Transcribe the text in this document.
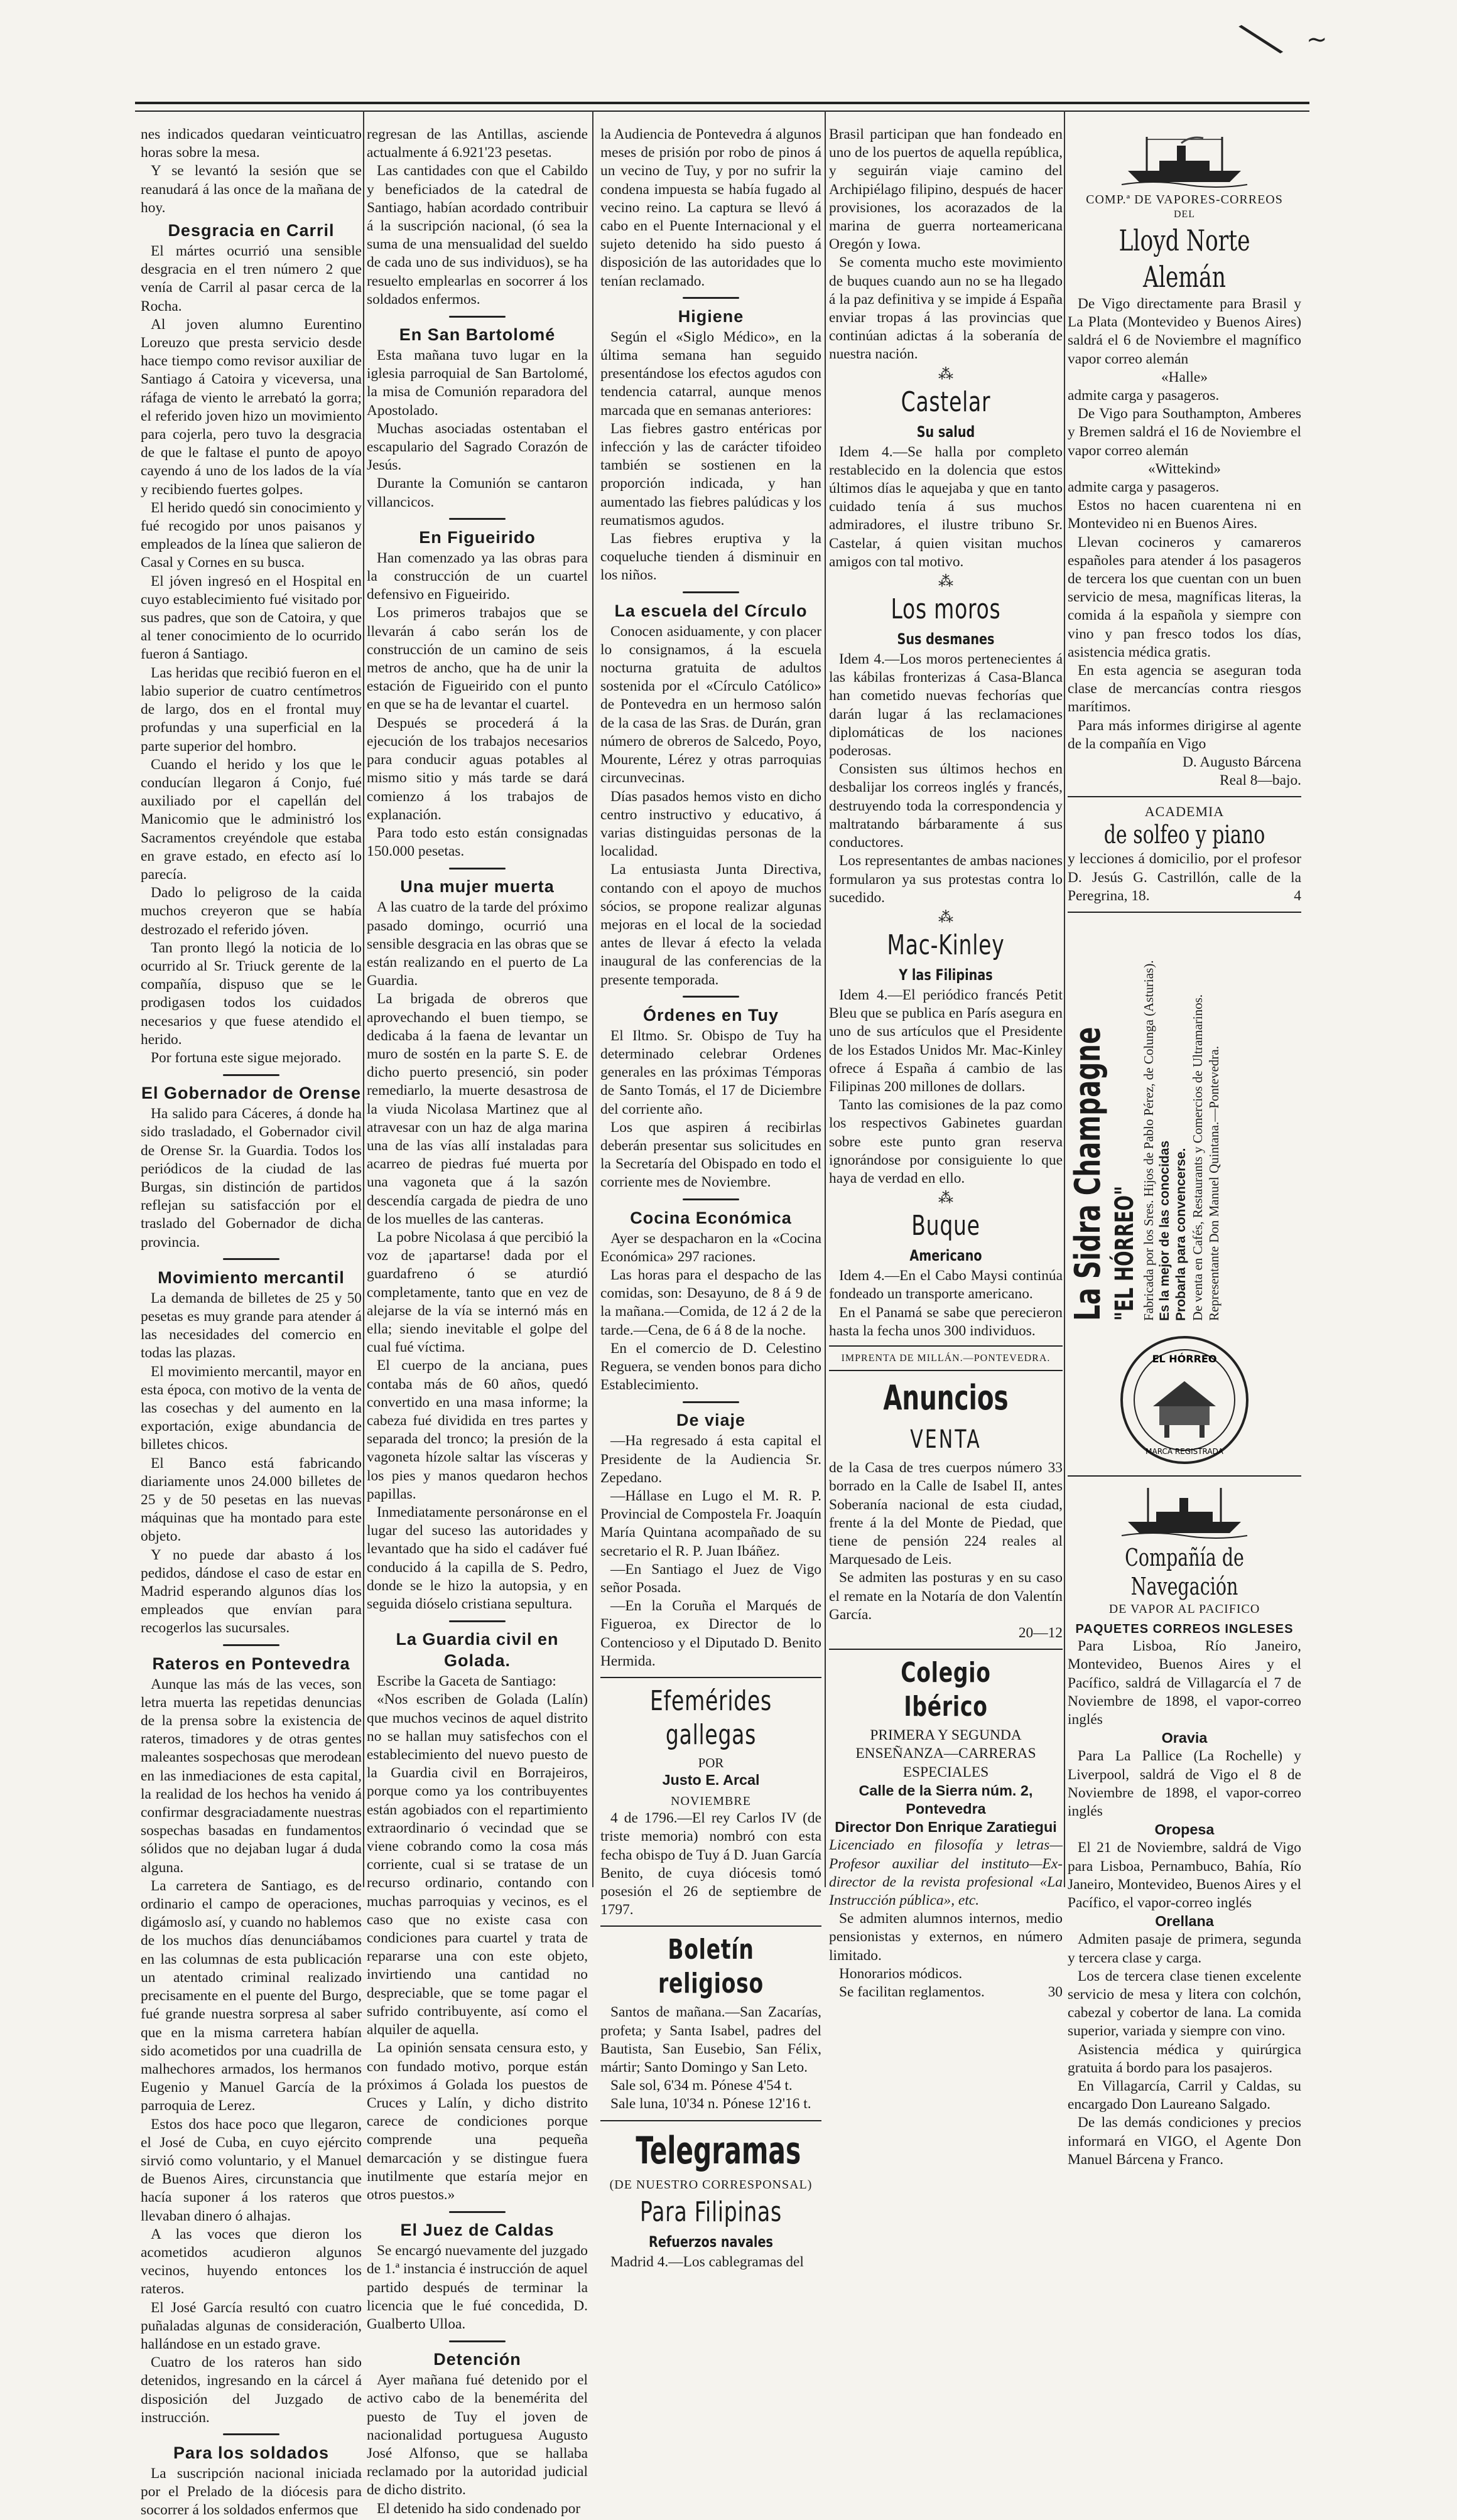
╲ ~

nes indicados quedaran veinticuatro horas sobre la mesa.

Y se levantó la sesión que se reanudará á las once de la mañana de hoy.

Desgracia en Carril

El mártes ocurrió una sensible desgracia en el tren número 2 que venía de Carril al pasar cerca de la Rocha.

Al joven alumno Eurentino Loreuzo que presta servicio desde hace tiempo como revisor auxiliar de Santiago á Catoira y viceversa, una ráfaga de viento le arrebató la gorra; el referido joven hizo un movimiento para cojerla, pero tuvo la desgracia de que le faltase el punto de apoyo cayendo á uno de los lados de la vía y recibiendo fuertes golpes.

El herido quedó sin conocimiento y fué recogido por unos paisanos y empleados de la línea que salieron de Casal y Cornes en su busca.

El jóven ingresó en el Hospital en cuyo establecimiento fué visitado por sus padres, que son de Catoira, y que al tener conocimiento de lo ocurrido fueron á Santiago.

Las heridas que recibió fueron en el labio superior de cuatro centímetros de largo, dos en el frontal muy profundas y una superficial en la parte superior del hombro.

Cuando el herido y los que le conducían llegaron á Conjo, fué auxiliado por el capellán del Manicomio que le administró los Sacramentos creyéndole que estaba en grave estado, en efecto así lo parecía.

Dado lo peligroso de la caida muchos creyeron que se había destrozado el referido jóven.

Tan pronto llegó la noticia de lo ocurrido al Sr. Triuck gerente de la compañía, dispuso que se le prodigasen todos los cuidados necesarios y que fuese atendido el herido.

Por fortuna este sigue mejorado.

El Gobernador de Orense

Ha salido para Cáceres, á donde ha sido trasladado, el Gobernador civil de Orense Sr. la Guardia. Todos los periódicos de la ciudad de las Burgas, sin distinción de partidos reflejan su satisfacción por el traslado del Gobernador de dicha provincia.

Movimiento mercantil

La demanda de billetes de 25 y 50 pesetas es muy grande para atender á las necesidades del comercio en todas las plazas.

El movimiento mercantil, mayor en esta época, con motivo de la venta de las cosechas y del aumento en la exportación, exige abundancia de billetes chicos.

El Banco está fabricando diariamente unos 24.000 billetes de 25 y de 50 pesetas en las nuevas máquinas que ha montado para este objeto.

Y no puede dar abasto á los pedidos, dándose el caso de estar en Madrid esperando algunos días los empleados que envían para recogerlos las sucursales.

Rateros en Pontevedra

Aunque las más de las veces, son letra muerta las repetidas denuncias de la prensa sobre la existencia de rateros, timadores y de otras gentes maleantes sospechosas que merodean en las inmediaciones de esta capital, la realidad de los hechos ha venido á confirmar desgraciadamente nuestras sospechas basadas en fundamentos sólidos que no dejaban lugar á duda alguna.

La carretera de Santiago, es de ordinario el campo de operaciones, digámoslo así, y cuando no hablemos de los muchos días denunciábamos en las columnas de esta publicación un atentado criminal realizado precisamente en el puente del Burgo, fué grande nuestra sorpresa al saber que en la misma carretera habían sido acometidos por una cuadrilla de malhechores armados, los hermanos Eugenio y Manuel García de la parroquia de Lerez.

Estos dos hace poco que llegaron, el José de Cuba, en cuyo ejército sirvió como voluntario, y el Manuel de Buenos Aires, circunstancia que hacía suponer á los rateros que llevaban dinero ó alhajas.

A las voces que dieron los acometidos acudieron algunos vecinos, huyendo entonces los rateros.

El José García resultó con cuatro puñaladas algunas de consideración, hallándose en un estado grave.

Cuatro de los rateros han sido detenidos, ingresando en la cárcel á disposición del Juzgado de instrucción.

Para los soldados

La suscripción nacional iniciada por el Prelado de la diócesis para socorrer á los soldados enfermos que

regresan de las Antillas, asciende actualmente á 6.921'23 pesetas.

Las cantidades con que el Cabildo y beneficiados de la catedral de Santiago, habían acordado contribuir á la suscripción nacional, (ó sea la suma de una mensualidad del sueldo de cada uno de sus individuos), se ha resuelto emplearlas en socorrer á los soldados enfermos.

En San Bartolomé

Esta mañana tuvo lugar en la iglesia parroquial de San Bartolomé, la misa de Comunión reparadora del Apostolado.

Muchas asociadas ostentaban el escapulario del Sagrado Corazón de Jesús.

Durante la Comunión se cantaron villancicos.

En Figueirido

Han comenzado ya las obras para la construcción de un cuartel defensivo en Figueirido.

Los primeros trabajos que se llevarán á cabo serán los de construcción de un camino de seis metros de ancho, que ha de unir la estación de Figueirido con el punto en que se ha de levantar el cuartel.

Después se procederá á la ejecución de los trabajos necesarios para conducir aguas potables al mismo sitio y más tarde se dará comienzo á los trabajos de explanación.

Para todo esto están consignadas 150.000 pesetas.

Una mujer muerta

A las cuatro de la tarde del próximo pasado domingo, ocurrió una sensible desgracia en las obras que se están realizando en el puerto de La Guardia.

La brigada de obreros que aprovechando el buen tiempo, se dedicaba á la faena de levantar un muro de sostén en la parte S. E. de dicho puerto presenció, sin poder remediarlo, la muerte desastrosa de la viuda Nicolasa Martinez que al atravesar con un haz de alga marina una de las vías allí instaladas para acarreo de piedras fué muerta por una vagoneta que á la sazón descendía cargada de piedra de uno de los muelles de las canteras.

La pobre Nicolasa á que percibió la voz de ¡apartarse! dada por el guardafreno ó se aturdió completamente, tanto que en vez de alejarse de la vía se internó más en ella; siendo inevitable el golpe del cual fué víctima.

El cuerpo de la anciana, pues contaba más de 60 años, quedó convertido en una masa informe; la cabeza fué dividida en tres partes y separada del tronco; la presión de la vagoneta hízole saltar las vísceras y los pies y manos quedaron hechos papillas.

Inmediatamente personáronse en el lugar del suceso las autoridades y levantado que ha sido el cadáver fué conducido á la capilla de S. Pedro, donde se le hizo la autopsia, y en seguida dióselo cristiana sepultura.

La Guardia civil en Golada.

Escribe la Gaceta de Santiago:

«Nos escriben de Golada (Lalín) que muchos vecinos de aquel distrito no se hallan muy satisfechos con el establecimiento del nuevo puesto de la Guardia civil en Borrajeiros, porque como ya los contribuyentes están agobiados con el repartimiento extraordinario ó vecindad que se viene cobrando como la cosa más corriente, cual si se tratase de un recurso ordinario, contando con muchas parroquias y vecinos, es el caso que no existe casa con condiciones para cuartel y trata de repararse una con este objeto, invirtiendo una cantidad no despreciable, que se tome pagar el sufrido contribuyente, así como el alquiler de aquella.

La opinión sensata censura esto, y con fundado motivo, porque están próximos á Golada los puestos de Cruces y Lalín, y dicho distrito carece de condiciones porque comprende una pequeña demarcación y se distingue fuera inutilmente que estaría mejor en otros puestos.»

El Juez de Caldas

Se encargó nuevamente del juzgado de 1.ª instancia é instrucción de aquel partido después de terminar la licencia que le fué concedida, D. Gualberto Ulloa.

Detención

Ayer mañana fué detenido por el activo cabo de la benemérita del puesto de Tuy el joven de nacionalidad portuguesa Augusto José Alfonso, que se hallaba reclamado por la autoridad judicial de dicho distrito.

El detenido ha sido condenado por

la Audiencia de Pontevedra á algunos meses de prisión por robo de pinos á un vecino de Tuy, y por no sufrir la condena impuesta se había fugado al vecino reino. La captura se llevó á cabo en el Puente Internacional y el sujeto detenido ha sido puesto á disposición de las autoridades que lo tenían reclamado.

Higiene

Según el «Siglo Médico», en la última semana han seguido presentándose los efectos agudos con tendencia catarral, aunque menos marcada que en semanas anteriores:

Las fiebres gastro entéricas por infección y las de carácter tifoideo también se sostienen en la proporción indicada, y han aumentado las fiebres palúdicas y los reumatismos agudos.

Las fiebres eruptiva y la coqueluche tienden á disminuir en los niños.

La escuela del Círculo

Conocen asiduamente, y con placer lo consignamos, á la escuela nocturna gratuita de adultos sostenida por el «Círculo Católico» de Pontevedra en un hermoso salón de la casa de las Sras. de Durán, gran número de obreros de Salcedo, Poyo, Mourente, Lérez y otras parroquias circunvecinas.

Días pasados hemos visto en dicho centro instructivo y educativo, á varias distinguidas personas de la localidad.

La entusiasta Junta Directiva, contando con el apoyo de muchos sócios, se propone realizar algunas mejoras en el local de la sociedad antes de llevar á efecto la velada inaugural de las conferencias de la presente temporada.

Órdenes en Tuy

El Iltmo. Sr. Obispo de Tuy ha determinado celebrar Ordenes generales en las próximas Témporas de Santo Tomás, el 17 de Diciembre del corriente año.

Los que aspiren á recibirlas deberán presentar sus solicitudes en la Secretaría del Obispado en todo el corriente mes de Noviembre.

Cocina Económica

Ayer se despacharon en la «Cocina Económica» 297 raciones.

Las horas para el despacho de las comidas, son: Desayuno, de 8 á 9 de la mañana.—Comida, de 12 á 2 de la tarde.—Cena, de 6 á 8 de la noche.

En el comercio de D. Celestino Reguera, se venden bonos para dicho Establecimiento.

De viaje

—Ha regresado á esta capital el Presidente de la Audiencia Sr. Zepedano.

—Hállase en Lugo el M. R. P. Provincial de Compostela Fr. Joaquín María Quintana acompañado de su secretario el R. P. Juan Ibáñez.

—En Santiago el Juez de Vigo señor Posada.

—En la Coruña el Marqués de Figueroa, ex Director de lo Contencioso y el Diputado D. Benito Hermida.

Efemérides gallegas
POR
Justo E. Arcal
NOVIEMBRE

4 de 1796.—El rey Carlos IV (de triste memoria) nombró con esta fecha obispo de Tuy á D. Juan García Benito, de cuya diócesis tomó posesión el 26 de septiembre de 1797.

Boletín religioso

Santos de mañana.—San Zacarías, profeta; y Santa Isabel, padres del Bautista, San Eusebio, San Félix, mártir; Santo Domingo y San Leto.

Sale sol, 6'34 m. Pónese 4'54 t.

Sale luna, 10'34 n. Pónese 12'16 t.

Telegramas
(DE NUESTRO CORRESPONSAL)
Para Filipinas
Refuerzos navales

Madrid 4.—Los cablegramas del

Brasil participan que han fondeado en uno de los puertos de aquella república, y seguirán viaje camino del Archipiélago filipino, después de hacer provisiones, los acorazados de la marina de guerra norteamericana Oregón y Iowa.

Se comenta mucho este movimiento de buques cuando aun no se ha llegado á la paz definitiva y se impide á España enviar tropas á las provincias que continúan adictas á la soberanía de nuestra nación.

⁂
Castelar
Su salud

Idem 4.—Se halla por completo restablecido en la dolencia que estos últimos días le aquejaba y que en tanto cuidado tenía á sus muchos admiradores, el ilustre tribuno Sr. Castelar, á quien visitan muchos amigos con tal motivo.

⁂
Los moros
Sus desmanes

Idem 4.—Los moros pertenecientes á las kábilas fronterizas á Casa-Blanca han cometido nuevas fechorías que darán lugar á las reclamaciones diplomáticas de los naciones poderosas.

Consisten sus últimos hechos en desbalijar los correos inglés y francés, destruyendo toda la correspondencia y maltratando bárbaramente á sus conductores.

Los representantes de ambas naciones formularon ya sus protestas contra lo sucedido.

⁂
Mac-Kinley
Y las Filipinas

Idem 4.—El periódico francés Petit Bleu que se publica en París asegura en uno de sus artículos que el Presidente de los Estados Unidos Mr. Mac-Kinley ofrece á España á cambio de las Filipinas 200 millones de dollars.

Tanto las comisiones de la paz como los respectivos Gabinetes guardan sobre este punto gran reserva ignorándose por consiguiente lo que haya de verdad en ello.

⁂
Buque
Americano

Idem 4.—En el Cabo Maysi continúa fondeado un transporte americano.

En el Panamá se sabe que perecieron hasta la fecha unos 300 individuos.

IMPRENTA DE MILLÁN.—PONTEVEDRA.
Anuncios
VENTA

de la Casa de tres cuerpos número 33 borrado en la Calle de Isabel II, antes Soberanía nacional de esta ciudad, frente á la del Monte de Piedad, que tiene de pensión 224 reales al Marquesado de Leis.

Se admiten las posturas y en su caso el remate en la Notaría de don Valentín García.

20—12
Colegio Ibérico
PRIMERA Y SEGUNDA ENSEÑANZA—CARRERAS ESPECIALES
Calle de la Sierra núm. 2,
Pontevedra
Director Don Enrique Zaratiegui

Licenciado en filosofía y letras—Profesor auxiliar del instituto—Ex-director de la revista profesional «La Instrucción pública», etc.

Se admiten alumnos internos, medio pensionistas y externos, en número limitado.

Honorarios módicos.

Se facilitan reglamentos.	30

COMP.ª DE VAPORES-CORREOS
DEL
Lloyd Norte Alemán

De Vigo directamente para Brasil y La Plata (Montevideo y Buenos Aires) saldrá el 6 de Noviembre el magnífico vapor correo alemán

«Halle»

admite carga y pasageros.

De Vigo para Southampton, Amberes y Bremen saldrá el 16 de Noviembre el vapor correo alemán

«Wittekind»

admite carga y pasageros.

Estos no hacen cuarentena ni en Montevideo ni en Buenos Aires.

Llevan cocineros y camareros españoles para atender á los pasageros de tercera los que cuentan con un buen servicio de mesa, magníficas literas, la comida á la española y siempre con vino y pan fresco todos los días, asistencia médica gratis.

En esta agencia se aseguran toda clase de mercancías contra riesgos marítimos.

Para más informes dirigirse al agente de la compañía en Vigo

D. Augusto Bárcena
Real 8—bajo.
ACADEMIA
de solfeo y piano

y lecciones á domicilio, por el profesor D. Jesús G. Castrillón, calle de la Peregrina, 18.	4

La Sidra Champagne "EL HÓRREO" Fabricada por los Sres. Hijos de Pablo Pérez, de Colunga (Asturias). Es la mejor de las conocidas Probarla para convencerse. De venta en Cafés, Restaurants y Comercios de Ultramarinos. Representante Don Manuel Quintana.—Pontevedra.
EL HÓRREO
MARCA REGISTRADA
Compañía de Navegación
DE VAPOR AL PACIFICO
PAQUETES CORREOS INGLESES

Para Lisboa, Río Janeiro, Montevideo, Buenos Aires y el Pacífico, saldrá de Villagarcía el 7 de Noviembre de 1898, el vapor-correo inglés

Oravia

Para La Pallice (La Rochelle) y Liverpool, saldrá de Vigo el 8 de Noviembre de 1898, el vapor-correo inglés

Oropesa

El 21 de Noviembre, saldrá de Vigo para Lisboa, Pernambuco, Bahía, Río Janeiro, Montevideo, Buenos Aires y el Pacífico, el vapor-correo inglés

Orellana

Admiten pasaje de primera, segunda y tercera clase y carga.

Los de tercera clase tienen excelente servicio de mesa y litera con colchón, cabezal y cobertor de lana. La comida superior, variada y siempre con vino.

Asistencia médica y quirúrgica gratuita á bordo para los pasajeros.

En Villagarcía, Carril y Caldas, su encargado Don Laureano Salgado.

De las demás condiciones y precios informará en VIGO, el Agente Don Manuel Bárcena y Franco.
